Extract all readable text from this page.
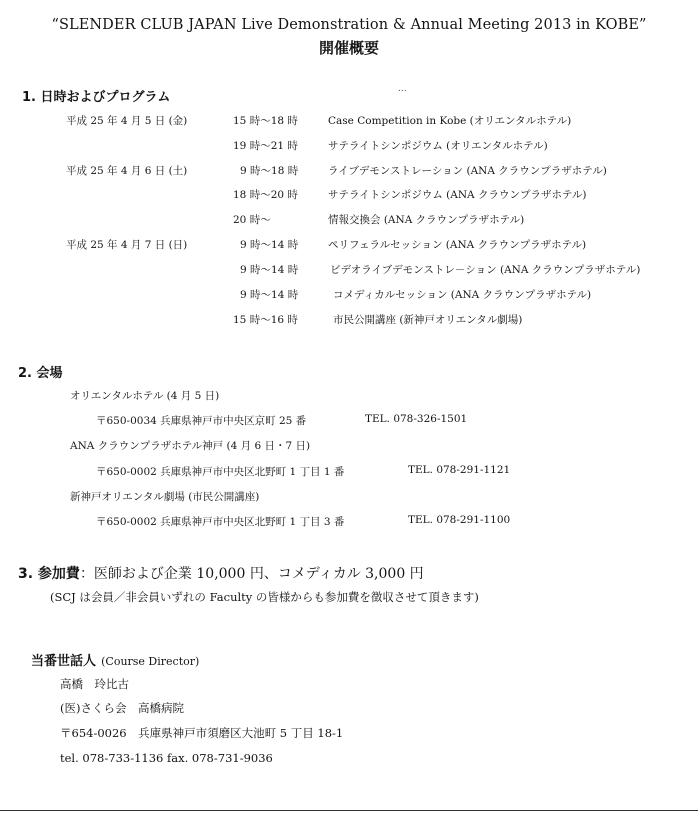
“SLENDER CLUB JAPAN Live Demonstration & Annual Meeting 2013 in KOBE”
開催概要
...
1. 日時およびプログラム
平成 25 年 4 月 5 日 (金)	15 時～18 時	Case Competition in Kobe (オリエンタルホテル)
19 時～21 時	サテライトシンポジウム (オリエンタルホテル)
平成 25 年 4 月 6 日 (土)	9 時～18 時	ライブデモンストレーション (ANA クラウンプラザホテル)
18 時～20 時	サテライトシンポジウム (ANA クラウンプラザホテル)
20 時～	情報交換会 (ANA クラウンプラザホテル)
平成 25 年 4 月 7 日 (日)	9 時～14 時	ペリフェラルセッション (ANA クラウンプラザホテル)
9 時～14 時	ビデオライブデモンストレ－ション (ANA クラウンプラザホテル)
9 時～14 時	コメディカルセッション (ANA クラウンプラザホテル)
15 時～16 時	市民公開講座 (新神戸オリエンタル劇場)
2. 会場
オリエンタルホテル (4 月 5 日)
〒650-0034 兵庫県神戸市中央区京町 25 番	TEL. 078-326-1501
ANA クラウンプラザホテル神戸 (4 月 6 日・7 日)
〒650-0002 兵庫県神戸市中央区北野町 1 丁目 1 番	TEL. 078-291-1121
新神戸オリエンタル劇場 (市民公開講座)
〒650-0002 兵庫県神戸市中央区北野町 1 丁目 3 番	TEL. 078-291-1100
3. 参加費：医師および企業 10,000 円、コメディカル 3,000 円
(SCJ は会員／非会員いずれの Faculty の皆様からも参加費を徴収させて頂きます)
当番世話人 (Course Director)
高橋　玲比古
(医)さくら会　高橋病院
〒654-0026　兵庫県神戸市須磨区大池町 5 丁目 18-1
tel. 078-733-1136 fax. 078-731-9036
